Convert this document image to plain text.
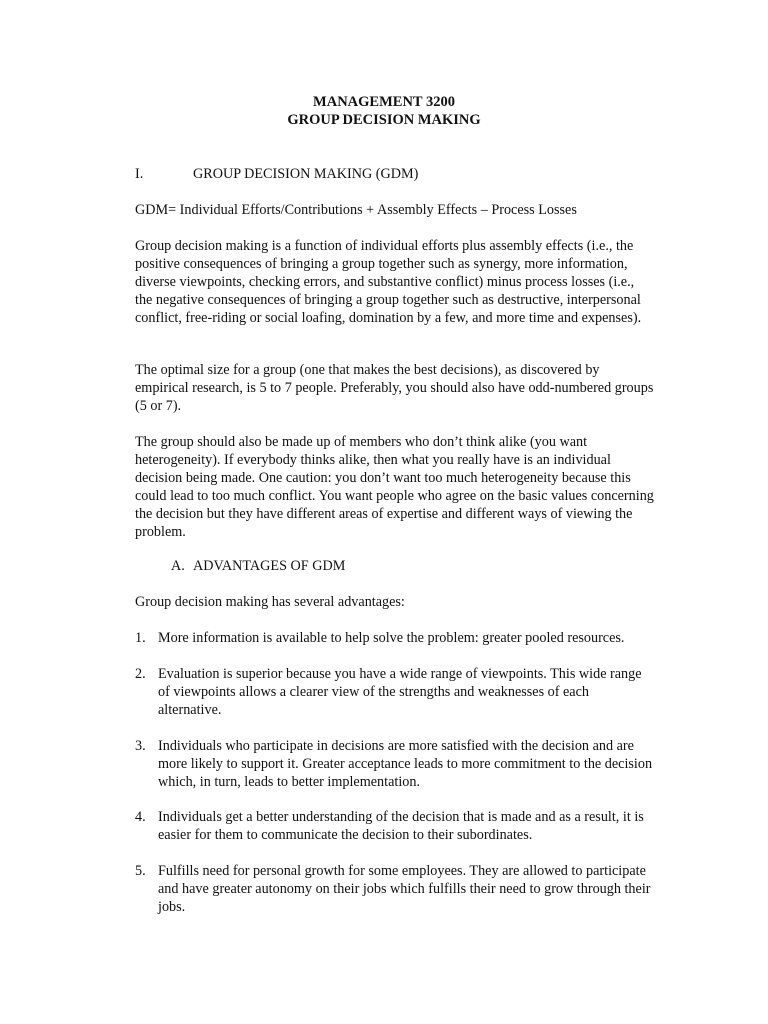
MANAGEMENT 3200
GROUP DECISION MAKING
I.	GROUP DECISION MAKING (GDM)

GDM= Individual Efforts/Contributions + Assembly Effects – Process Losses

Group decision making is a function of individual efforts plus assembly effects (i.e., the positive consequences of bringing a group together such as synergy, more information, diverse viewpoints, checking errors, and substantive conflict) minus process losses (i.e., the negative consequences of bringing a group together such as destructive, interpersonal conflict, free-riding or social loafing, domination by a few, and more time and expenses).

The optimal size for a group (one that makes the best decisions), as discovered by empirical research, is 5 to 7 people. Preferably, you should also have odd-numbered groups (5 or 7).

The group should also be made up of members who don’t think alike (you want heterogeneity). If everybody thinks alike, then what you really have is an individual decision being made. One caution: you don’t want too much heterogeneity because this could lead to too much conflict. You want people who agree on the basic values concerning the decision but they have different areas of expertise and different ways of viewing the problem.

A. ADVANTAGES OF GDM

Group decision making has several advantages:

1. More information is available to help solve the problem: greater pooled resources.
2. Evaluation is superior because you have a wide range of viewpoints. This wide range of viewpoints allows a clearer view of the strengths and weaknesses of each alternative.
3. Individuals who participate in decisions are more satisfied with the decision and are more likely to support it. Greater acceptance leads to more commitment to the decision which, in turn, leads to better implementation.
4. Individuals get a better understanding of the decision that is made and as a result, it is easier for them to communicate the decision to their subordinates.
5. Fulfills need for personal growth for some employees. They are allowed to participate and have greater autonomy on their jobs which fulfills their need to grow through their jobs.
